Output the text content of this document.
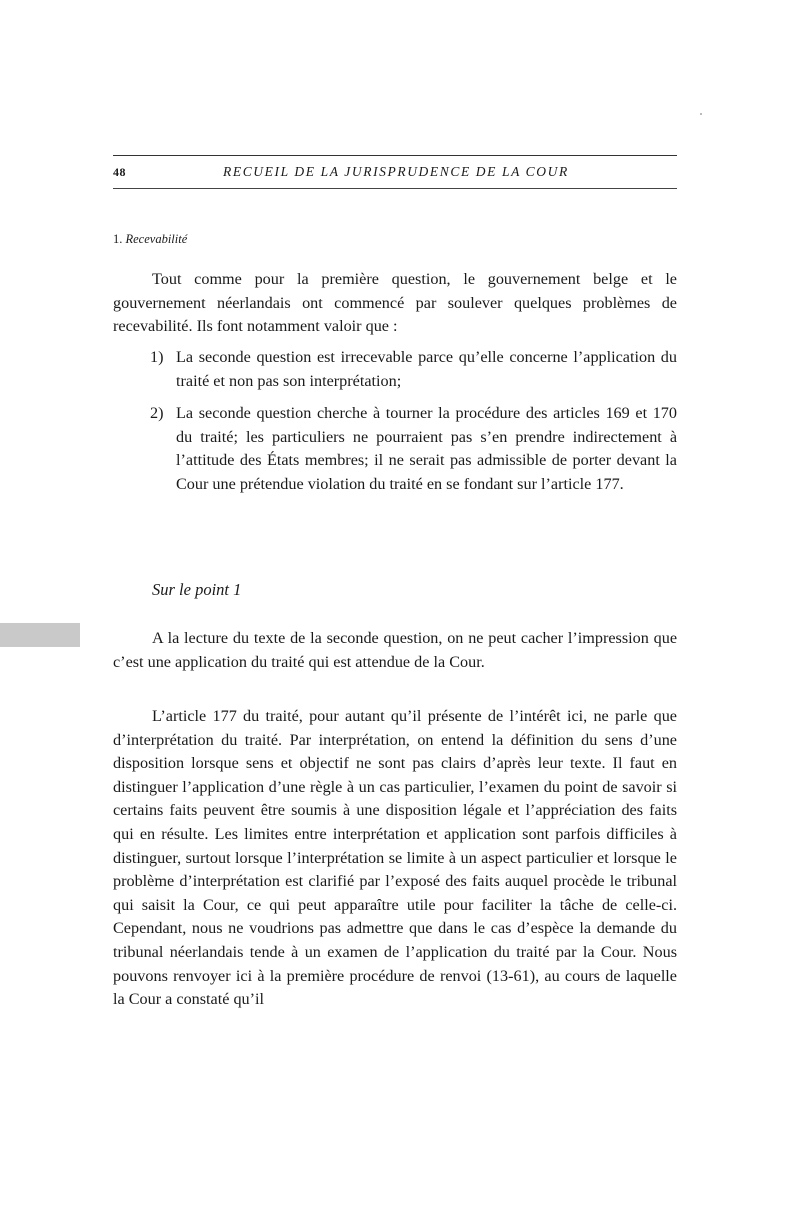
48	RECUEIL DE LA JURISPRUDENCE DE LA COUR
1. Recevabilité

Tout comme pour la première question, le gouvernement belge et le gouvernement néerlandais ont commencé par soulever quelques problèmes de recevabilité. Ils font notamment valoir que :

1) La seconde question est irrecevable parce qu’elle concerne l’application du traité et non pas son interprétation;
2) La seconde question cherche à tourner la procédure des articles 169 et 170 du traité; les particuliers ne pourraient pas s’en prendre indirectement à l’attitude des États membres; il ne serait pas admissible de porter devant la Cour une prétendue violation du traité en se fondant sur l’article 177.
Sur le point 1

A la lecture du texte de la seconde question, on ne peut cacher l’impression que c’est une application du traité qui est attendue de la Cour.

L’article 177 du traité, pour autant qu’il présente de l’intérêt ici, ne parle que d’interprétation du traité. Par interprétation, on entend la définition du sens d’une disposition lorsque sens et objectif ne sont pas clairs d’après leur texte. Il faut en distinguer l’application d’une règle à un cas particulier, l’examen du point de savoir si certains faits peuvent être soumis à une disposition légale et l’appréciation des faits qui en résulte. Les limites entre interprétation et application sont parfois difficiles à distinguer, surtout lorsque l’interprétation se limite à un aspect particulier et lorsque le problème d’interprétation est clarifié par l’exposé des faits auquel procède le tribunal qui saisit la Cour, ce qui peut apparaître utile pour faciliter la tâche de celle-ci. Cependant, nous ne voudrions pas admettre que dans le cas d’espèce la demande du tribunal néerlandais tende à un examen de l’application du traité par la Cour. Nous pouvons renvoyer ici à la première procédure de renvoi (13-61), au cours de laquelle la Cour a constaté qu’il
